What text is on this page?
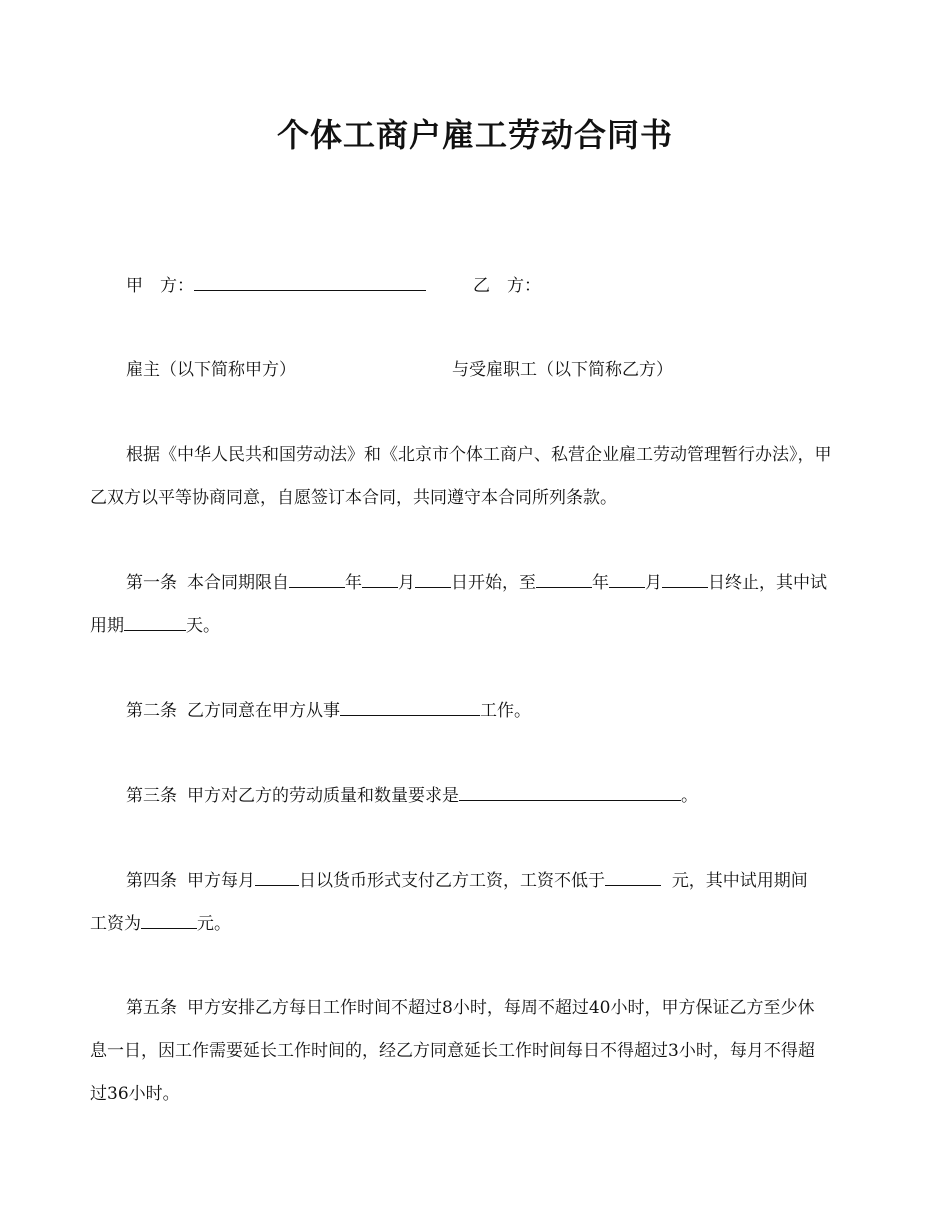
个体工商户雇工劳动合同书
甲　方：	乙　方：
雇主（以下简称甲方）	与受雇职工（以下简称乙方）
根据《中华人民共和国劳动法》和《北京市个体工商户、私营企业雇工劳动管理暂行办法》，甲
乙双方以平等协商同意，自愿签订本合同，共同遵守本合同所列条款。
第一条 本合同期限自	年 月 日开始，至	年 月	日终止，其中试
用期	天。
第二条 乙方同意在甲方从事	工作。
第三条 甲方对乙方的劳动质量和数量要求是	。
第四条 甲方每月	日以货币形式支付乙方工资，工资不低于	元，其中试用期间
工资为	元。
第五条 甲方安排乙方每日工作时间不超过8小时，每周不超过40小时，甲方保证乙方至少休
息一日，因工作需要延长工作时间的，经乙方同意延长工作时间每日不得超过3小时，每月不得超
过36小时。
